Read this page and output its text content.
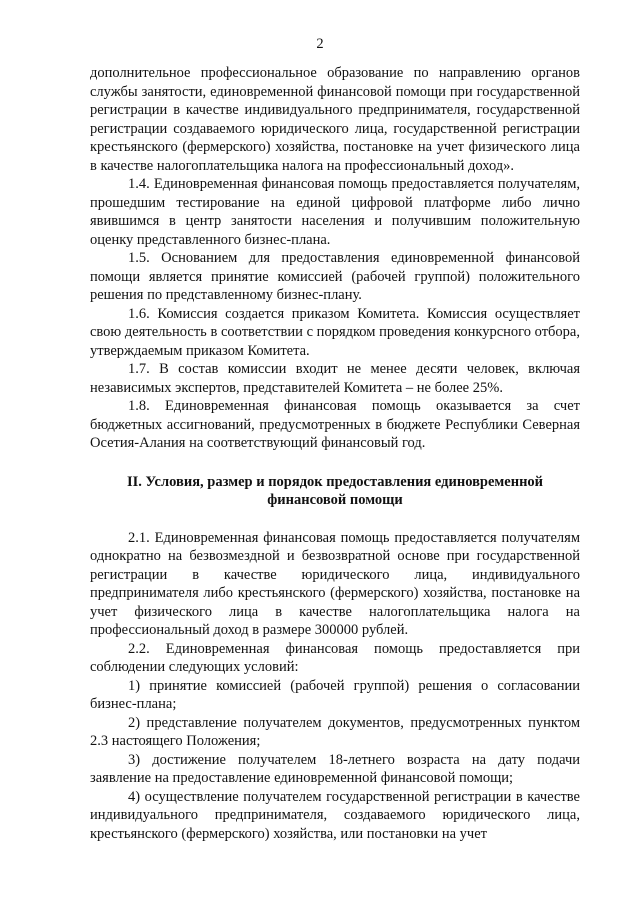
2

дополнительное профессиональное образование по направлению органов службы занятости, единовременной финансовой помощи при государственной регистрации в качестве индивидуального предпринимателя, государственной регистрации создаваемого юридического лица, государственной регистрации крестьянского (фермерского) хозяйства, постановке на учет физического лица в качестве налогоплательщика налога на профессиональный доход».

1.4. Единовременная финансовая помощь предоставляется получателям, прошедшим тестирование на единой цифровой платформе либо лично явившимся в центр занятости населения и получившим положительную оценку представленного бизнес-плана.

1.5. Основанием для предоставления единовременной финансовой помощи является принятие комиссией (рабочей группой) положительного решения по представленному бизнес-плану.

1.6. Комиссия создается приказом Комитета. Комиссия осуществляет свою деятельность в соответствии с порядком проведения конкурсного отбора, утверждаемым приказом Комитета.

1.7. В состав комиссии входит не менее десяти человек, включая независимых экспертов, представителей Комитета – не более 25%.

1.8. Единовременная финансовая помощь оказывается за счет бюджетных ассигнований, предусмотренных в бюджете Республики Северная Осетия-Алания на соответствующий финансовый год.

II. Условия, размер и порядок предоставления единовременной финансовой помощи

2.1. Единовременная финансовая помощь предоставляется получателям однократно на безвозмездной и безвозвратной основе при государственной регистрации в качестве юридического лица, индивидуального предпринимателя либо крестьянского (фермерского) хозяйства, постановке на учет физического лица в качестве налогоплательщика налога на профессиональный доход в размере 300000 рублей.

2.2. Единовременная финансовая помощь предоставляется при соблюдении следующих условий:

1) принятие комиссией (рабочей группой) решения о согласовании бизнес-плана;

2) представление получателем документов, предусмотренных пунктом 2.3 настоящего Положения;

3) достижение получателем 18-летнего возраста на дату подачи заявление на предоставление единовременной финансовой помощи;

4) осуществление получателем государственной регистрации в качестве индивидуального предпринимателя, создаваемого юридического лица, крестьянского (фермерского) хозяйства, или постановки на учет
